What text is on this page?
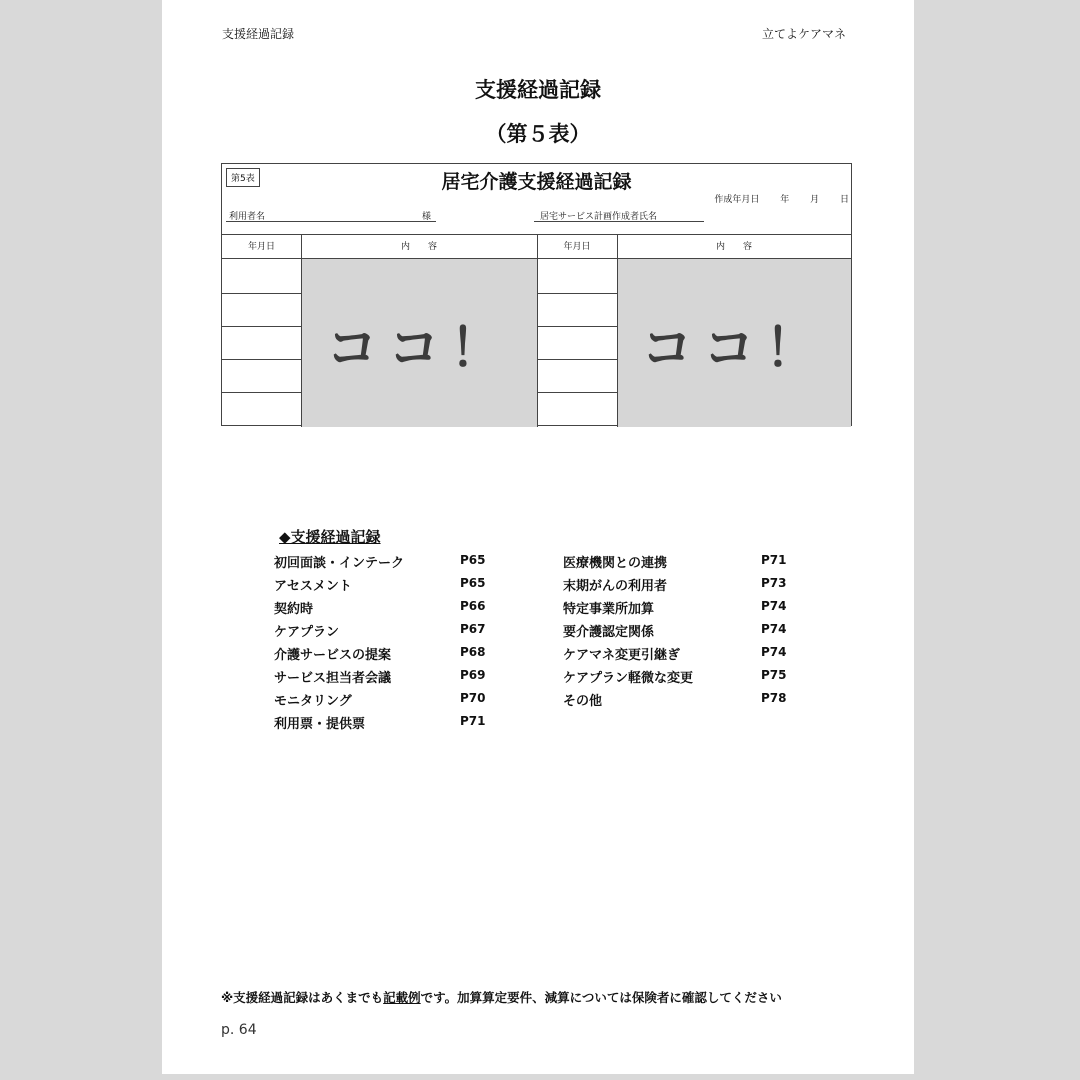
支援経過記録	立てよケアマネ
支援経過記録
（第５表）
第5表	居宅介護支援経過記録
作成年月日 年 月 日
利用者名	様	居宅サービス計画作成者氏名
年月日	内　　容	年月日	内　　容
ココ！	ココ！
◆支援経過記録
初回面談・インテーク	P65
アセスメント	P65
契約時	P66
ケアプラン	P67
介護サービスの提案	P68
サービス担当者会議	P69
モニタリング	P70
利用票・提供票	P71
医療機関との連携	P71
末期がんの利用者	P73
特定事業所加算	P74
要介護認定関係	P74
ケアマネ変更引継ぎ	P74
ケアプラン軽微な変更	P75
その他	P78
※支援経過記録はあくまでも記載例です。加算算定要件、減算については保険者に確認してください
p. 64
